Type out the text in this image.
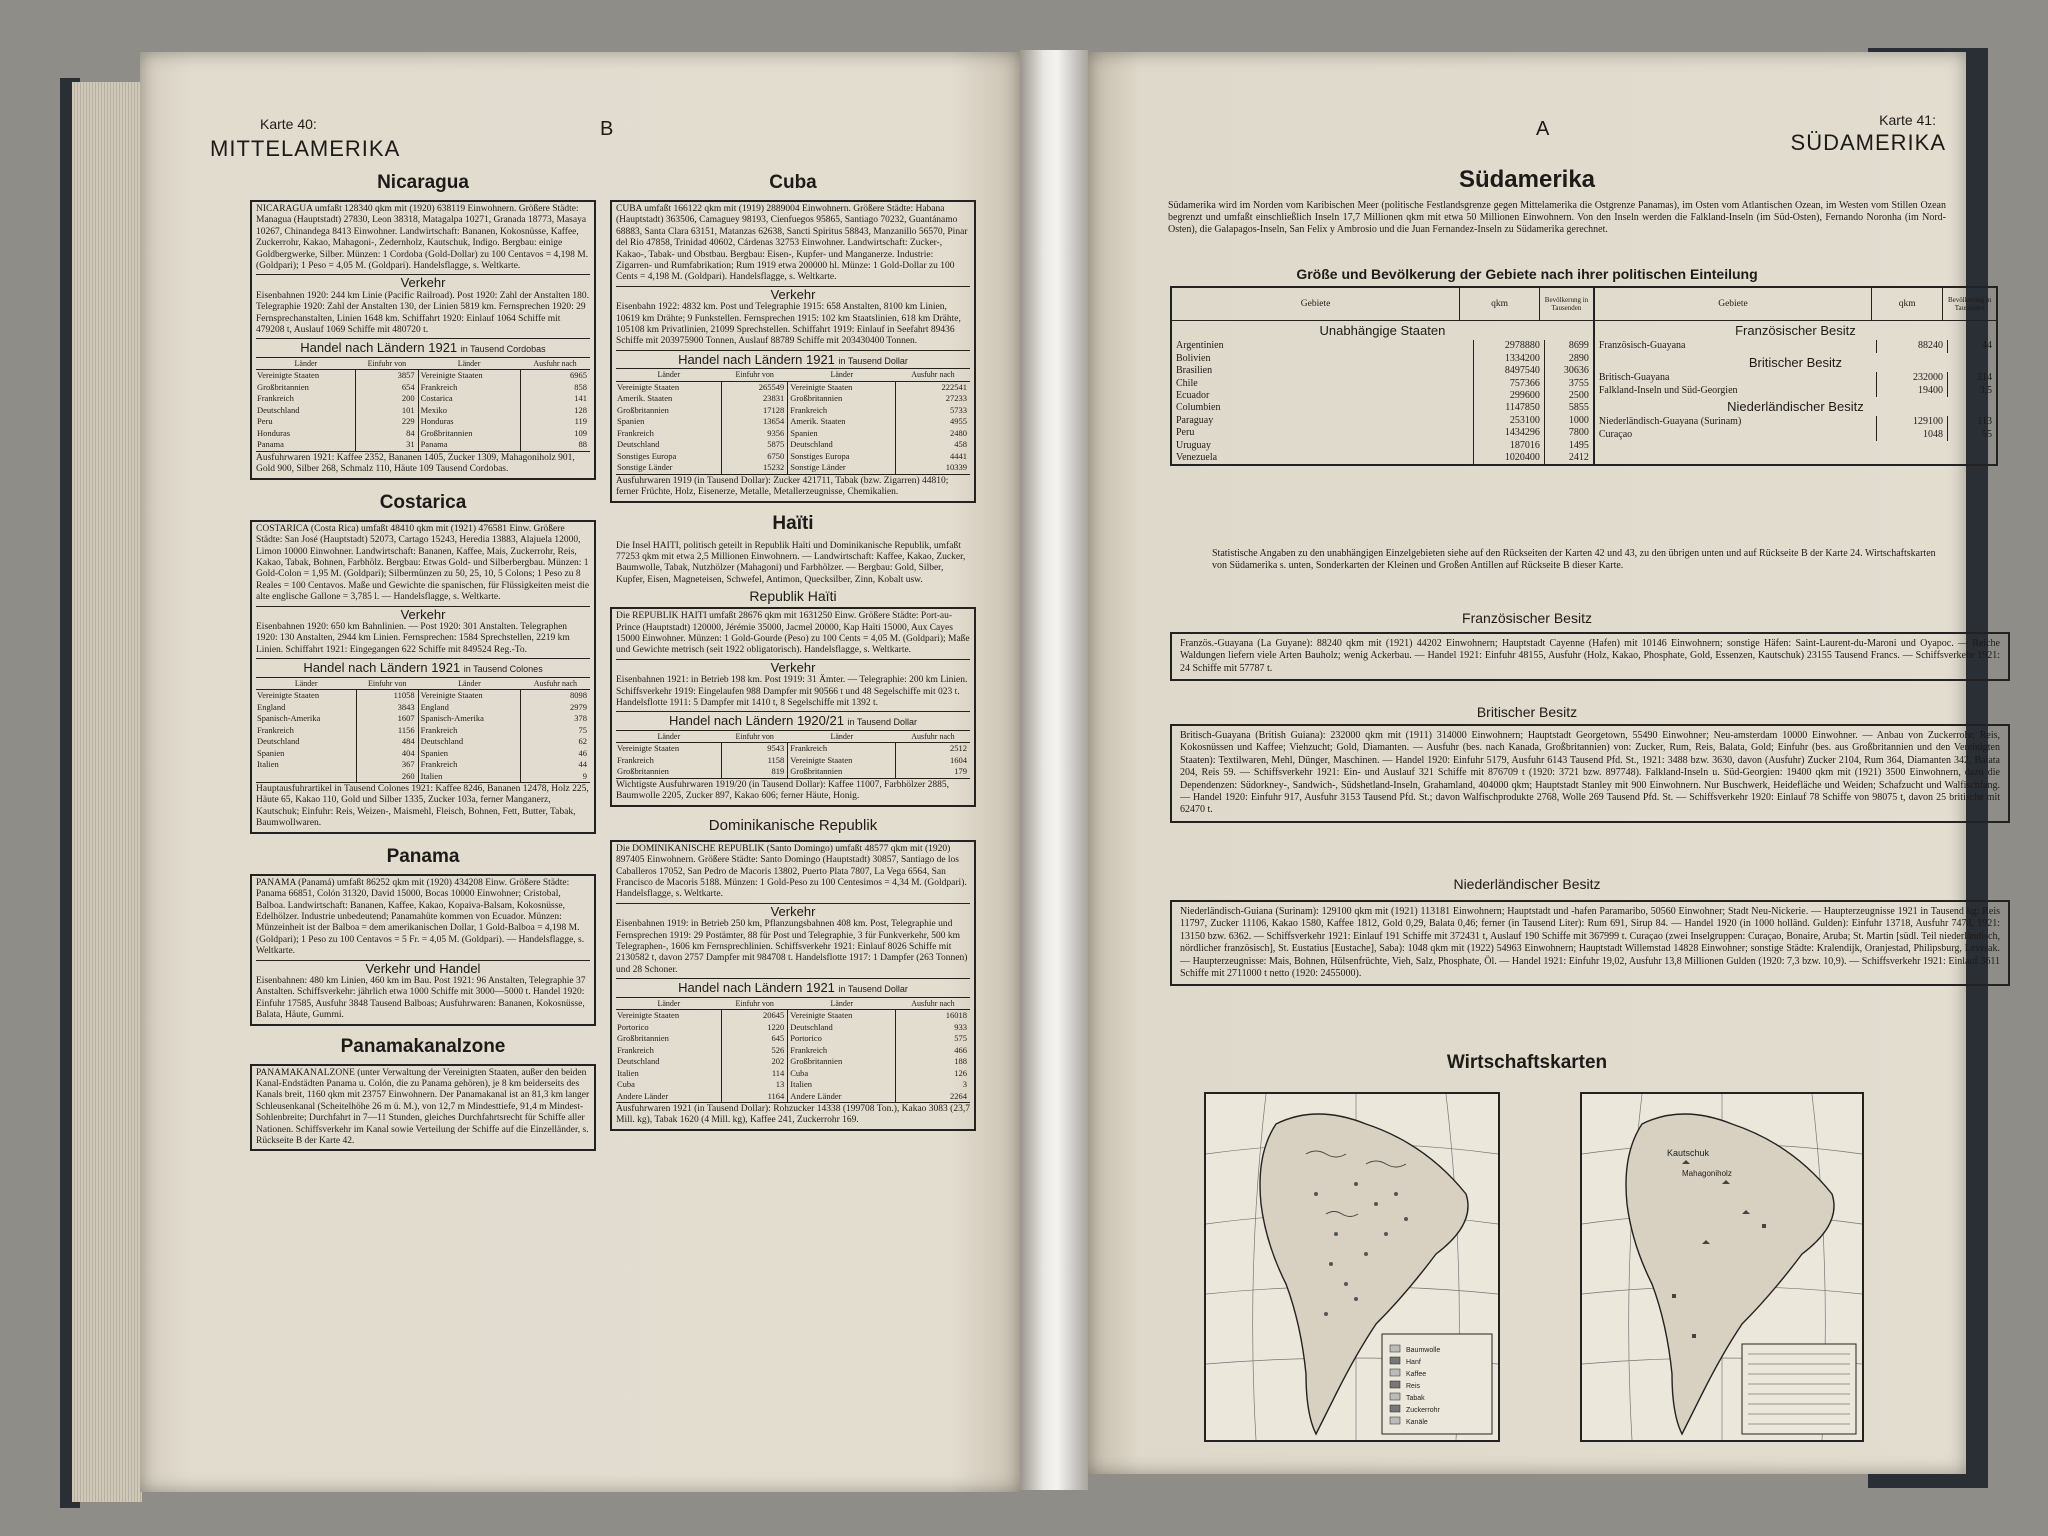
Karte 40:
MITTELAMERIKA
B
Nicaragua

NICARAGUA umfaßt 128340 qkm mit (1920) 638119 Einwohnern. Größere Städte: Managua (Hauptstadt) 27830, Leon 38318, Matagalpa 10271, Granada 18773, Masaya 10267, Chinandega 8413 Einwohner. Landwirtschaft: Bananen, Kokosnüsse, Kaffee, Zuckerrohr, Kakao, Mahagoni-, Zedernholz, Kautschuk, Indigo. Bergbau: einige Goldbergwerke, Silber. Münzen: 1 Cordoba (Gold-Dollar) zu 100 Centavos = 4,198 M. (Goldparі); 1 Peso = 4,05 M. (Goldpari). Handelsflagge, s. Weltkarte.

Verkehr

Eisenbahnen 1920: 244 km Linie (Pacific Railroad). Post 1920: Zahl der Anstalten 180. Telegraphie 1920: Zahl der Anstalten 130, der Linien 5819 km. Fernsprechen 1920: 29 Fernsprechanstalten, Linien 1648 km. Schiffahrt 1920: Einlauf 1064 Schiffe mit 479208 t, Auslauf 1069 Schiffe mit 480720 t.

Handel nach Ländern 1921 in Tausend Cordobas
Länder	Einfuhr von	Länder	Ausfuhr nach
Vereinigte Staaten	3857	Vereinigte Staaten	6965
Großbritannien	654	Frankreich	858
Frankreich	200	Costarica	141
Deutschland	101	Mexiko	128
Peru	229	Honduras	119
Honduras	84	Großbritannien	109
Panama	31	Panama	88

Ausfuhrwaren 1921: Kaffee 2352, Bananen 1405, Zucker 1309, Mahagoniholz 901, Gold 900, Silber 268, Schmalz 110, Häute 109 Tausend Cordobas.

Costarica

COSTARICA (Costa Rica) umfaßt 48410 qkm mit (1921) 476581 Einw. Größere Städte: San José (Hauptstadt) 52073, Cartago 15243, Heredia 13883, Alajuela 12000, Limon 10000 Einwohner. Landwirtschaft: Bananen, Kaffee, Mais, Zuckerrohr, Reis, Kakao, Tabak, Bohnen, Farbhölz. Bergbau: Etwas Gold- und Silberbergbau. Münzen: 1 Gold-Colon = 1,95 M. (Goldpari); Silbermünzen zu 50, 25, 10, 5 Colons; 1 Peso zu 8 Reales = 100 Centavos. Maße und Gewichte die spanischen, für Flüssigkeiten meist die alte englische Gallone = 3,785 l. — Handelsflagge, s. Weltkarte.

Verkehr

Eisenbahnen 1920: 650 km Bahnlinien. — Post 1920: 301 Anstalten. Telegraphen 1920: 130 Anstalten, 2944 km Linien. Fernsprechen: 1584 Sprechstellen, 2219 km Linien. Schiffahrt 1921: Eingegangen 622 Schiffe mit 849524 Reg.-To.

Handel nach Ländern 1921 in Tausend Colones
Länder	Einfuhr von	Länder	Ausfuhr nach
Vereinigte Staaten	11058	Vereinigte Staaten	8098
England	3843	England	2979
Spanisch-Amerika	1607	Spanisch-Amerika	378
Frankreich	1156	Frankreich	75
Deutschland	484	Deutschland	62
Spanien	404	Spanien	46
Italien	367	Frankreich	44
	260	Italien	9

Hauptausfuhrartikel in Tausend Colones 1921: Kaffee 8246, Bananen 12478, Holz 225, Häute 65, Kakao 110, Gold und Silber 1335, Zucker 103a, ferner Manganerz, Kautschuk; Einfuhr: Reis, Weizen-, Maismehl, Fleisch, Bohnen, Fett, Butter, Tabak, Baumwollwaren.

Panama

PANAMA (Panamá) umfaßt 86252 qkm mit (1920) 434208 Einw. Größere Städte: Panama 66851, Colón 31320, David 15000, Bocas 10000 Einwohner; Cristobal, Balboa. Landwirtschaft: Bananen, Kaffee, Kakao, Kopaiva-Balsam, Kokosnüsse, Edelhölzer. Industrie unbedeutend; Panamahüte kommen von Ecuador. Münzen: Münzeinheit ist der Balboa = dem amerikanischen Dollar, 1 Gold-Balboa = 4,198 M. (Goldpari); 1 Peso zu 100 Centavos = 5 Fr. = 4,05 M. (Goldpari). — Handelsflagge, s. Weltkarte.

Verkehr und Handel

Eisenbahnen: 480 km Linien, 460 km im Bau. Post 1921: 96 Anstalten, Telegraphie 37 Anstalten. Schiffsverkehr: jährlich etwa 1000 Schiffe mit 3000—5000 t. Handel 1920: Einfuhr 17585, Ausfuhr 3848 Tausend Balboas; Ausfuhrwaren: Bananen, Kokosnüsse, Balata, Häute, Gummi.

Panamakanalzone

PANAMAKANALZONE (unter Verwaltung der Vereinigten Staaten, außer den beiden Kanal-Endstädten Panama u. Colón, die zu Panama gehören), je 8 km beiderseits des Kanals breit, 1160 qkm mit 23757 Einwohnern. Der Panamakanal ist an 81,3 km langer Schleusenkanal (Scheitelhöhe 26 m ü. M.), von 12,7 m Mindesttiefe, 91,4 m Mindest-Sohlenbreite; Durchfahrt in 7—11 Stunden, gleiches Durchfahrtsrecht für Schiffe aller Nationen. Schiffsverkehr im Kanal sowie Verteilung der Schiffe auf die Einzelländer, s. Rückseite B der Karte 42.

Cuba

CUBA umfaßt 166122 qkm mit (1919) 2889004 Einwohnern. Größere Städte: Habana (Hauptstadt) 363506, Camaguey 98193, Cienfuegos 95865, Santiago 70232, Guantánamo 68883, Santa Clara 63151, Matanzas 62638, Sancti Spiritus 58843, Manzanillo 56570, Pinar del Rio 47858, Trinidad 40602, Cárdenas 32753 Einwohner. Landwirtschaft: Zucker-, Kakao-, Tabak- und Obstbau. Bergbau: Eisen-, Kupfer- und Manganerze. Industrie: Zigarren- und Rumfabrikation; Rum 1919 etwa 200000 hl. Münze: 1 Gold-Dollar zu 100 Cents = 4,198 M. (Goldpari). Handelsflagge, s. Weltkarte.

Verkehr

Eisenbahn 1922: 4832 km. Post und Telegraphie 1915: 658 Anstalten, 8100 km Linien, 10619 km Drähte; 9 Funkstellen. Fernsprechen 1915: 102 km Staatslinien, 618 km Drähte, 105108 km Privatlinien, 21099 Sprechstellen. Schiffahrt 1919: Einlauf in Seefahrt 89436 Schiffe mit 203975900 Tonnen, Auslauf 88789 Schiffe mit 203430400 Tonnen.

Handel nach Ländern 1921 in Tausend Dollar
Länder	Einfuhr von	Länder	Ausfuhr nach
Vereinigte Staaten	265549	Vereinigte Staaten	222541
Amerik. Staaten	23831	Großbritannien	27233
Großbritannien	17128	Frankreich	5733
Spanien	13654	Amerik. Staaten	4955
Frankreich	9356	Spanien	2480
Deutschland	5875	Deutschland	458
Sonstiges Europa	6750	Sonstiges Europa	4441
Sonstige Länder	15232	Sonstige Länder	10339

Ausfuhrwaren 1919 (in Tausend Dollar): Zucker 421711, Tabak (bzw. Zigarren) 44810; ferner Früchte, Holz, Eisenerze, Metalle, Metallerzeugnisse, Chemikalien.

Haïti

Die Insel HAITI, politisch geteilt in Republik Haïti und Dominikanische Republik, umfaßt 77253 qkm mit etwa 2,5 Millionen Einwohnern. — Landwirtschaft: Kaffee, Kakao, Zucker, Baumwolle, Tabak, Nutzhölzer (Mahagoni) und Farbhölzer. — Bergbau: Gold, Silber, Kupfer, Eisen, Magneteisen, Schwefel, Antimon, Quecksilber, Zinn, Kobalt usw.

Republik Haïti

Die REPUBLIK HAITI umfaßt 28676 qkm mit 1631250 Einw. Größere Städte: Port-au-Prince (Hauptstadt) 120000, Jérémie 35000, Jacmel 20000, Kap Haïti 15000, Aux Cayes 15000 Einwohner. Münzen: 1 Gold-Gourde (Peso) zu 100 Cents = 4,05 M. (Goldpari); Maße und Gewichte metrisch (seit 1922 obligatorisch). Handelsflagge, s. Weltkarte.

Verkehr

Eisenbahnen 1921: in Betrieb 198 km. Post 1919: 31 Ämter. — Telegraphie: 200 km Linien. Schiffsverkehr 1919: Eingelaufen 988 Dampfer mit 90566 t und 48 Segelschiffe mit 023 t. Handelsflotte 1911: 5 Dampfer mit 1410 t, 8 Segelschiffe mit 1392 t.

Handel nach Ländern 1920/21 in Tausend Dollar
Länder	Einfuhr von	Länder	Ausfuhr nach
Vereinigte Staaten	9543	Frankreich	2512
Frankreich	1158	Vereinigte Staaten	1604
Großbritannien	819	Großbritannien	179

Wichtigste Ausfuhrwaren 1919/20 (in Tausend Dollar): Kaffee 11007, Farbhölzer 2885, Baumwolle 2205, Zucker 897, Kakao 606; ferner Häute, Honig.

Dominikanische Republik

Die DOMINIKANISCHE REPUBLIK (Santo Domingo) umfaßt 48577 qkm mit (1920) 897405 Einwohnern. Größere Städte: Santo Domingo (Hauptstadt) 30857, Santiago de los Caballeros 17052, San Pedro de Macoris 13802, Puerto Plata 7807, La Vega 6564, San Francisco de Macoris 5188. Münzen: 1 Gold-Peso zu 100 Centesimos = 4,34 M. (Goldpari). Handelsflagge, s. Weltkarte.

Verkehr

Eisenbahnen 1919: in Betrieb 250 km, Pflanzungsbahnen 408 km. Post, Telegraphie und Fernsprechen 1919: 29 Postämter, 88 für Post und Telegraphie, 3 für Funkverkehr, 500 km Telegraphen-, 1606 km Fernsprechlinien. Schiffsverkehr 1921: Einlauf 8026 Schiffe mit 2130582 t, davon 2757 Dampfer mit 984708 t. Handelsflotte 1917: 1 Dampfer (263 Tonnen) und 28 Schoner.

Handel nach Ländern 1921 in Tausend Dollar
Länder	Einfuhr von	Länder	Ausfuhr nach
Vereinigte Staaten	20645	Vereinigte Staaten	16018
Portorico	1220	Deutschland	933
Großbritannien	645	Portorico	575
Frankreich	526	Frankreich	466
Deutschland	202	Großbritannien	188
Italien	114	Cuba	126
Cuba	13	Italien	3
Andere Länder	1164	Andere Länder	2264

Ausfuhrwaren 1921 (in Tausend Dollar): Rohzucker 14338 (199708 Ton.), Kakao 3083 (23,7 Mill. kg), Tabak 1620 (4 Mill. kg), Kaffee 241, Zuckerrohr 169.

Karte 41:
SÜDAMERIKA
A
Südamerika

Südamerika wird im Norden vom Karibischen Meer (politische Festlandsgrenze gegen Mittelamerika die Ostgrenze Panamas), im Osten vom Atlantischen Ozean, im Westen vom Stillen Ozean begrenzt und umfaßt einschließlich Inseln 17,7 Millionen qkm mit etwa 50 Millionen Einwohnern. Von den Inseln werden die Falkland-Inseln (im Süd-Osten), Fernando Noronha (im Nord-Osten), die Galapagos-Inseln, San Felix y Ambrosio und die Juan Fernandez-Inseln zu Südamerika gerechnet.

Größe und Bevölkerung der Gebiete nach ihrer politischen Einteilung
Gebiete	qkm	Bevölkerung in Tausenden	Gebiete	qkm	Bevölkerung in Tausenden

Unabhängige Staaten
Argentinien	2978880	8699
Bolivien	1334200	2890
Brasilien	8497540	30636
Chile	757366	3755
Ecuador	299600	2500
Columbien	1147850	5855
Paraguay	253100	1000
Peru	1434296	7800
Uruguay	187016	1495
Venezuela	1020400	2412

Französischer Besitz
Französisch-Guayana	88240	44
Britischer Besitz
Britisch-Guayana	232000	314
Falkland-Inseln und Süd-Georgien	19400	3,5
Niederländischer Besitz
Niederländisch-Guayana (Surinam)	129100	113
Curaçao	1048	55

Statistische Angaben zu den unabhängigen Einzelgebieten siehe auf den Rückseiten der Karten 42 und 43, zu den übrigen unten und auf Rückseite B der Karte 24. Wirtschaftskarten von Südamerika s. unten, Sonderkarten der Kleinen und Großen Antillen auf Rückseite B dieser Karte.

Französischer Besitz
Französ.-Guayana (La Guyane): 88240 qkm mit (1921) 44202 Einwohnern; Hauptstadt Cayenne (Hafen) mit 10146 Einwohnern; sonstige Häfen: Saint-Laurent-du-Maroni und Oyapoc. — Reiche Waldungen liefern viele Arten Bauholz; wenig Ackerbau. — Handel 1921: Einfuhr 48155, Ausfuhr (Holz, Kakao, Phosphate, Gold, Essenzen, Kautschuk) 23155 Tausend Francs. — Schiffsverkehr 1921: 24 Schiffe mit 57787 t.
Britischer Besitz
Britisch-Guayana (British Guiana): 232000 qkm mit (1911) 314000 Einwohnern; Hauptstadt Georgetown, 55490 Einwohner; Neu-amsterdam 10000 Einwohner. — Anbau von Zuckerrohr, Reis, Kokosnüssen und Kaffee; Viehzucht; Gold, Diamanten. — Ausfuhr (bes. nach Kanada, Großbritannien) von: Zucker, Rum, Reis, Balata, Gold; Einfuhr (bes. aus Großbritannien und den Vereinigten Staaten): Textilwaren, Mehl, Dünger, Maschinen. — Handel 1920: Einfuhr 5179, Ausfuhr 6143 Tausend Pfd. St., 1921: 3488 bzw. 3630, davon (Ausfuhr) Zucker 2104, Rum 364, Diamanten 342, Balata 204, Reis 59. — Schiffsverkehr 1921: Ein- und Auslauf 321 Schiffe mit 876709 t (1920: 3721 bzw. 897748). Falkland-Inseln u. Süd-Georgien: 19400 qkm mit (1921) 3500 Einwohnern, dazu die Dependenzen: Südorkney-, Sandwich-, Südshetland-Inseln, Grahamland, 404000 qkm; Hauptstadt Stanley mit 900 Einwohnern. Nur Buschwerk, Heidefläche und Weiden; Schafzucht und Walfischfang. — Handel 1920: Einfuhr 917, Ausfuhr 3153 Tausend Pfd. St.; davon Walfischprodukte 2768, Wolle 269 Tausend Pfd. St. — Schiffsverkehr 1920: Einlauf 78 Schiffe von 98075 t, davon 25 britische mit 62470 t.
Niederländischer Besitz
Niederländisch-Guiana (Surinam): 129100 qkm mit (1921) 113181 Einwohnern; Hauptstadt und -hafen Paramaribo, 50560 Einwohner; Stadt Neu-Nickerie. — Haupterzeugnisse 1921 in Tausend kg: Reis 11797, Zucker 11106, Kakao 1580, Kaffee 1812, Gold 0,29, Balata 0,46; ferner (in Tausend Liter): Rum 691, Sirup 84. — Handel 1920 (in 1000 holländ. Gulden): Einfuhr 13718, Ausfuhr 7478, 1921: 13150 bzw. 6362. — Schiffsverkehr 1921: Einlauf 191 Schiffe mit 372431 t, Auslauf 190 Schiffe mit 367999 t. Curaçao (zwei Inselgruppen: Curaçao, Bonaire, Aruba; St. Martin [südl. Teil niederländisch, nördlicher französisch], St. Eustatius [Eustache], Saba): 1048 qkm mit (1922) 54963 Einwohnern; Hauptstadt Willemstad 14828 Einwohner; sonstige Städte: Kralendijk, Oranjestad, Philipsburg, Leverak. — Haupterzeugnisse: Mais, Bohnen, Hülsenfrüchte, Vieh, Salz, Phosphate, Öl. — Handel 1921: Einfuhr 19,02, Ausfuhr 13,8 Millionen Gulden (1920: 7,3 bzw. 10,9). — Schiffsverkehr 1921: Einlauf 3611 Schiffe mit 2711000 t netto (1920: 2455000).
Wirtschaftskarten
Baumwolle
Hanf
Kaffee
Reis
Tabak
Zuckerrohr
Kanäle
Kautschuk
Mahagoniholz
